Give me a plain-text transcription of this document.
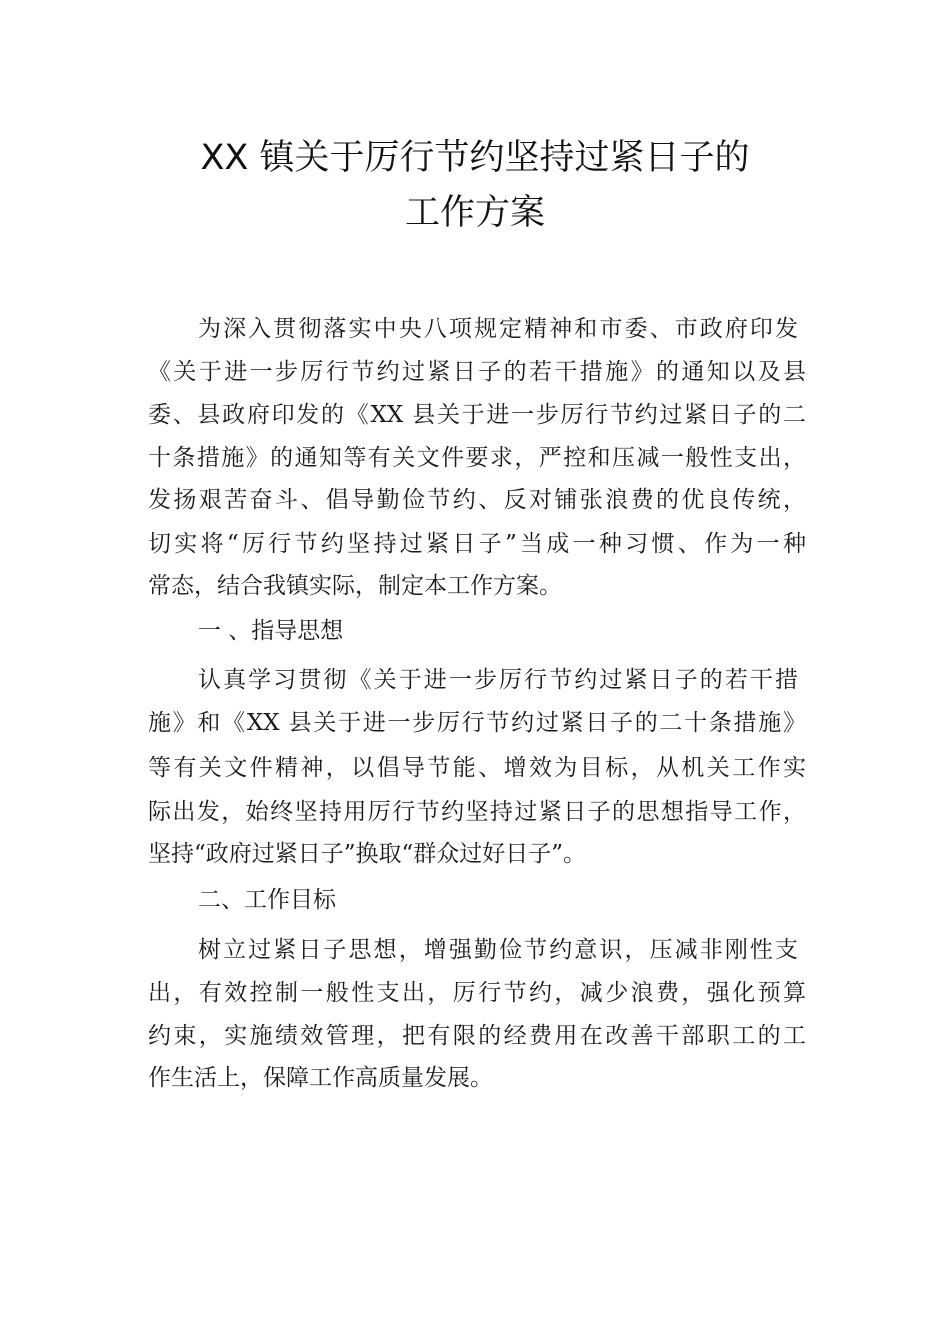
XX 镇关于厉行节约坚持过紧日子的
工作方案
为深入贯彻落实中央八项规定精神和市委、市政府印发
《关于进一步厉行节约过紧日子的若干措施》的通知以及县
委、县政府印发的《XX 县关于进一步厉行节约过紧日子的二
十条措施》的通知等有关文件要求，严控和压减一般性支出，
发扬艰苦奋斗、倡导勤俭节约、反对铺张浪费的优良传统，
切实将“厉行节约坚持过紧日子”当成一种习惯、作为一种
常态，结合我镇实际，制定本工作方案。
一 、指导思想
认真学习贯彻《关于进一步厉行节约过紧日子的若干措
施》和《XX 县关于进一步厉行节约过紧日子的二十条措施》
等有关文件精神，以倡导节能、增效为目标，从机关工作实
际出发，始终坚持用厉行节约坚持过紧日子的思想指导工作，
坚持“政府过紧日子”换取“群众过好日子”。
二、工作目标
树立过紧日子思想，增强勤俭节约意识，压减非刚性支
出，有效控制一般性支出，厉行节约，减少浪费，强化预算
约束，实施绩效管理，把有限的经费用在改善干部职工的工
作生活上，保障工作高质量发展。
